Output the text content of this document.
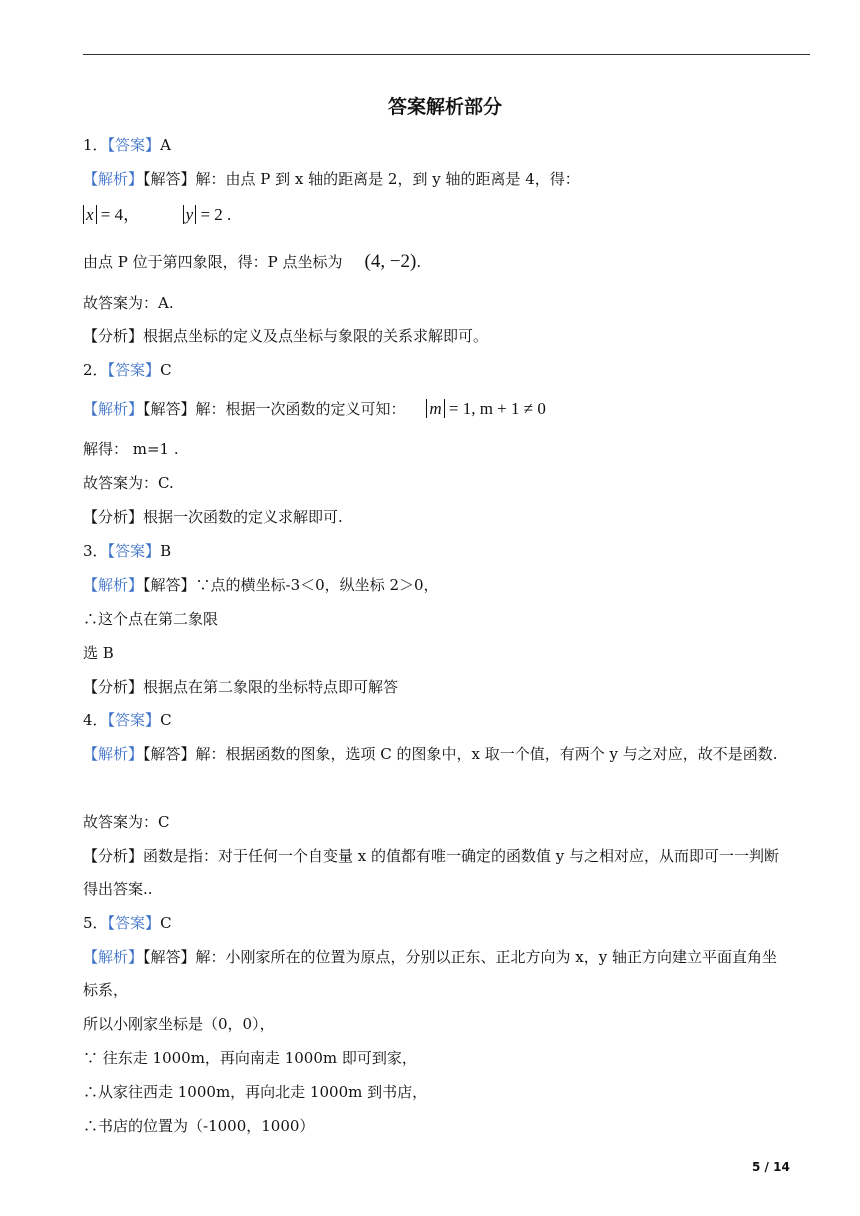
答案解析部分
1．【答案】A
【解析】【解答】解：由点 P 到 x 轴的距离是 2，到 y 轴的距离是 4，得：
x = 4，	y = 2 .
由点 P 位于第四象限，得：P 点坐标为 (4, −2).
故答案为：A.
【分析】根据点坐标的定义及点坐标与象限的关系求解即可。
2．【答案】C
【解析】【解答】解：根据一次函数的定义可知： m = 1, m + 1 ≠ 0
解得： m=1 .
故答案为：C.
【分析】根据一次函数的定义求解即可.
3．【答案】B
【解析】【解答】∵点的横坐标-3＜0，纵坐标 2＞0，
∴这个点在第二象限
选 B
【分析】根据点在第二象限的坐标特点即可解答
4．【答案】C
【解析】【解答】解：根据函数的图象，选项 C 的图象中，x 取一个值，有两个 y 与之对应，故不是函数.
故答案为：C
【分析】函数是指：对于任何一个自变量 x 的值都有唯一确定的函数值 y 与之相对应，从而即可一一判断
得出答案..
5．【答案】C
【解析】【解答】解：小刚家所在的位置为原点，分别以正东、正北方向为 x，y 轴正方向建立平面直角坐
标系，
所以小刚家坐标是（0，0），
∵ 往东走 1000m，再向南走 1000m 即可到家，
∴从家往西走 1000m，再向北走 1000m 到书店，
∴书店的位置为（-1000，1000）
5 / 14
